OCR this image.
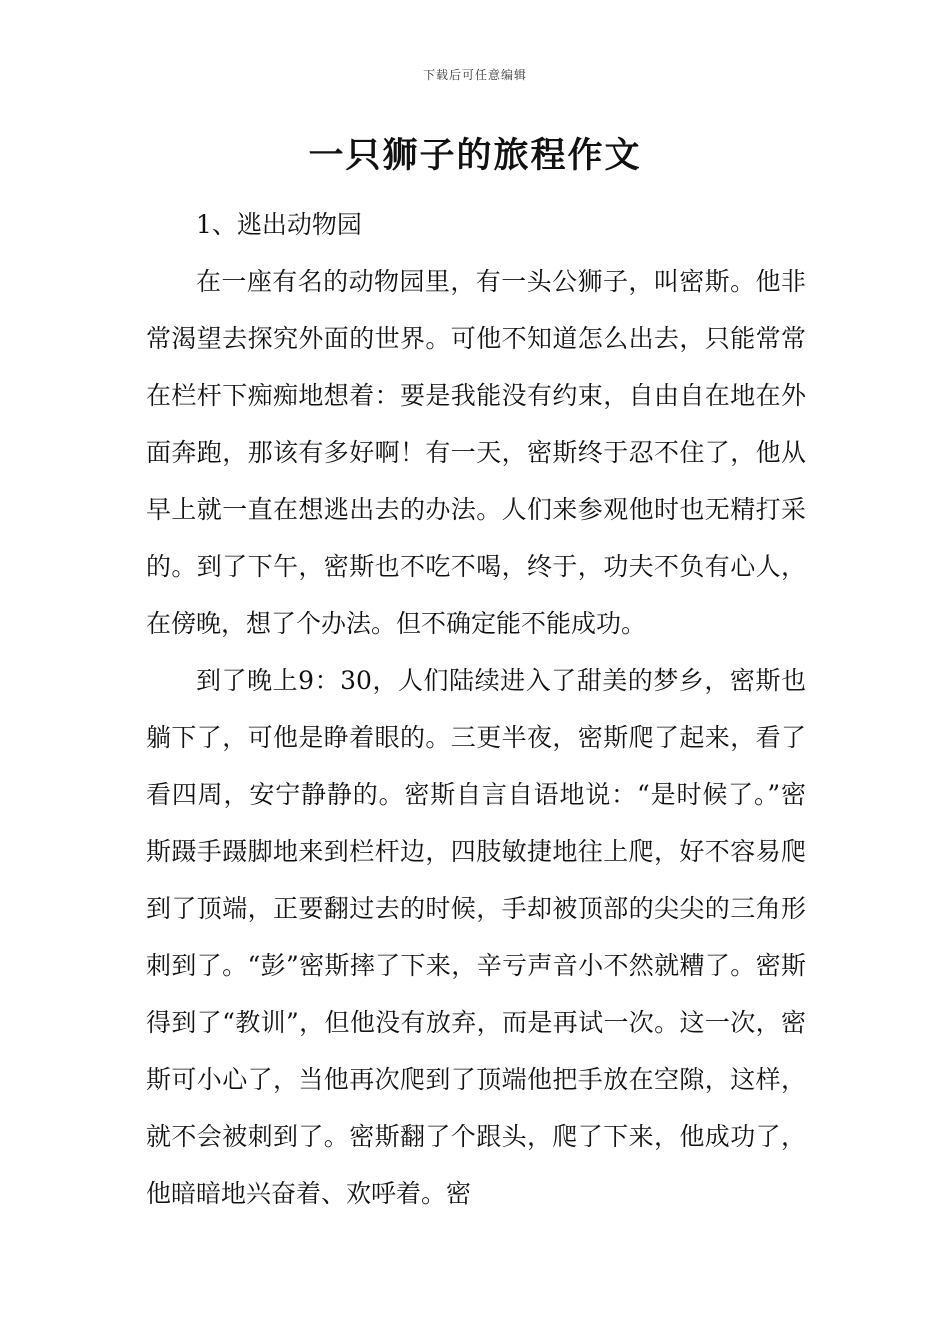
下载后可任意编辑
一只狮子的旅程作文
1、逃出动物园

在一座有名的动物园里，有一头公狮子，叫密斯。他非常渴望去探究外面的世界。可他不知道怎么出去，只能常常在栏杆下痴痴地想着：要是我能没有约束，自由自在地在外面奔跑，那该有多好啊！有一天，密斯终于忍不住了，他从早上就一直在想逃出去的办法。人们来参观他时也无精打采的。到了下午，密斯也不吃不喝，终于，功夫不负有心人，在傍晚，想了个办法。但不确定能不能成功。

到了晚上9：30，人们陆续进入了甜美的梦乡，密斯也躺下了，可他是睁着眼的。三更半夜，密斯爬了起来，看了看四周，安宁静静的。密斯自言自语地说：“是时候了。”密斯蹑手蹑脚地来到栏杆边，四肢敏捷地往上爬，好不容易爬到了顶端，正要翻过去的时候，手却被顶部的尖尖的三角形刺到了。“彭”密斯摔了下来，辛亏声音小不然就糟了。密斯得到了“教训”，但他没有放弃，而是再试一次。这一次，密斯可小心了，当他再次爬到了顶端他把手放在空隙，这样，就不会被刺到了。密斯翻了个跟头，爬了下来，他成功了，他暗暗地兴奋着、欢呼着。密
